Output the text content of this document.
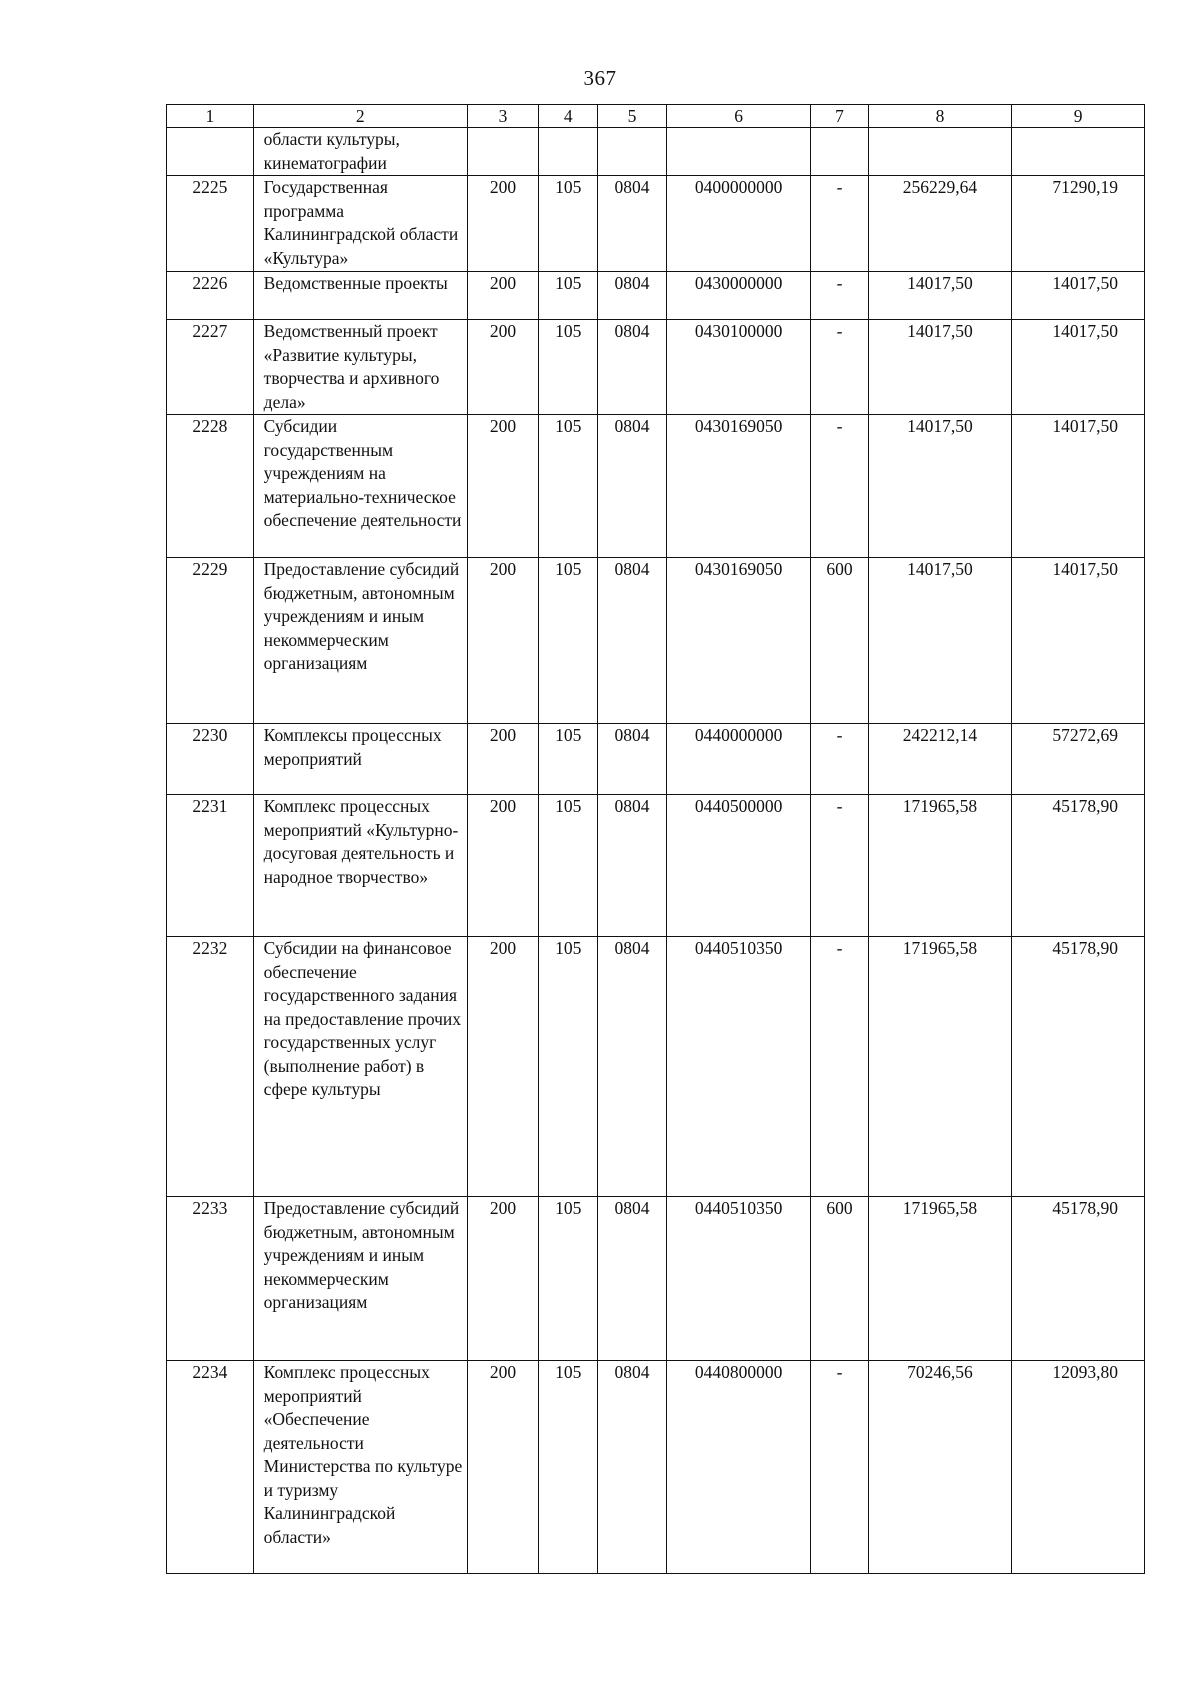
367
1	2	3	4	5	6	7	8	9
	области культуры, кинематографии							
2225	Государственная программа Калининградской области «Культура»	200	105	0804	0400000000	-	256229,64	71290,19
2226	Ведомственные проекты	200	105	0804	0430000000	-	14017,50	14017,50
2227	Ведомственный проект «Развитие культуры, творчества и архивного дела»	200	105	0804	0430100000	-	14017,50	14017,50
2228	Субсидии государственным учреждениям на материально-техническое обеспечение деятельности	200	105	0804	0430169050	-	14017,50	14017,50
2229	Предоставление субсидий бюджетным, автономным учреждениям и иным некоммерческим организациям	200	105	0804	0430169050	600	14017,50	14017,50
2230	Комплексы процессных мероприятий	200	105	0804	0440000000	-	242212,14	57272,69
2231	Комплекс процессных мероприятий «Культурно-досуговая деятельность и народное творчество»	200	105	0804	0440500000	-	171965,58	45178,90
2232	Субсидии на финансовое обеспечение государственного задания на предоставление прочих государственных услуг (выполнение работ) в сфере культуры	200	105	0804	0440510350	-	171965,58	45178,90
2233	Предоставление субсидий бюджетным, автономным учреждениям и иным некоммерческим организациям	200	105	0804	0440510350	600	171965,58	45178,90
2234	Комплекс процессных мероприятий «Обеспечение деятельности Министерства по культуре и туризму Калининградской области»	200	105	0804	0440800000	-	70246,56	12093,80
